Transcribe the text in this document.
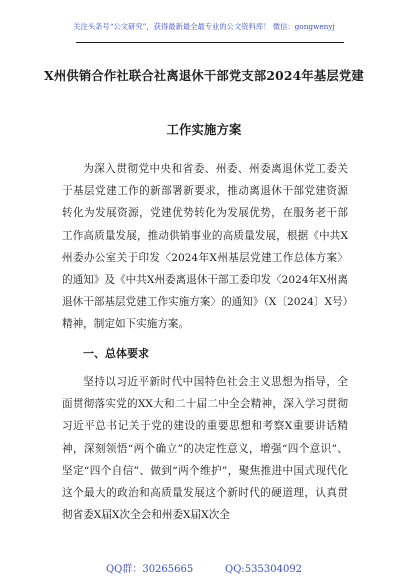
关注头条号“公文研究”，获得最新最全最专业的公文资料库！ 微信：gongwenyj
X州供销合作社联合社离退休干部党支部2024年基层党建
工作实施方案

为深入贯彻党中央和省委、州委、州委离退休党工委关于基层党建工作的新部署新要求，推动离退休干部党建资源转化为发展资源，党建优势转化为发展优势，在服务老干部工作高质量发展，推动供销事业的高质量发展，根据《中共X州委办公室关于印发〈2024年X州基层党建工作总体方案〉的通知》及《中共X州委离退休干部工委印发〈2024年X州离退休干部基层党建工作实施方案〉的通知》（X〔2024〕X号）精神，制定如下实施方案。

一、总体要求

坚持以习近平新时代中国特色社会主义思想为指导，全面贯彻落实党的XX大和二十届二中全会精神，深入学习贯彻习近平总书记关于党的建设的重要思想和考察X重要讲话精神，深刻领悟“两个确立”的决定性意义，增强“四个意识”、坚定“四个自信”、做到“两个维护”，聚焦推进中国式现代化这个最大的政治和高质量发展这个新时代的硬道理，认真贯彻省委X届X次全会和州委X届X次全

QQ群：30265665          QQ:535304092
